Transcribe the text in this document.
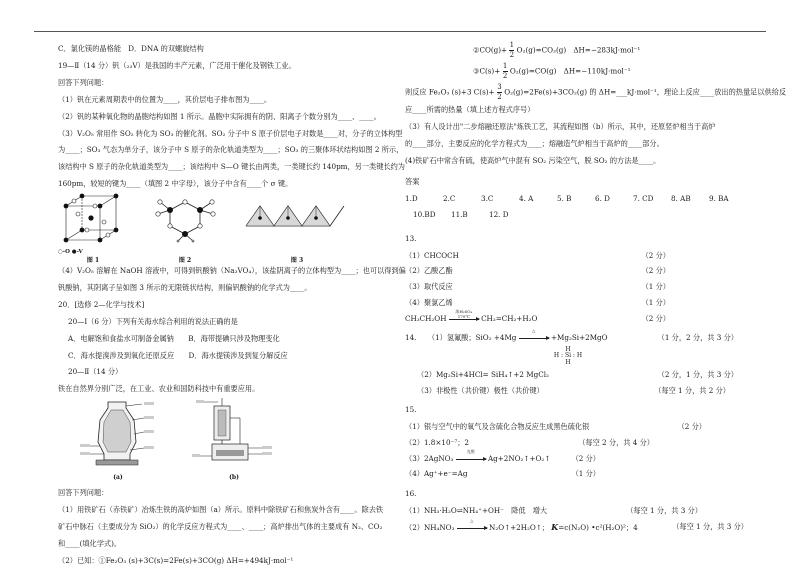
C．氯化镁的晶格能　D．DNA 的双螺旋结构
19—Ⅱ（14 分）钒（₂₃V）是我国的丰产元素，广泛用于催化及钢铁工业。
回答下列问题：
（1）钒在元素周期表中的位置为____，其价层电子排布图为____。
（2）钒的某种氧化物的晶胞结构如图 1 所示。晶胞中实际拥有的阴、阳离子个数分别为____、____。
（3）V₂O₅ 常用作 SO₂ 转化为 SO₃ 的催化剂。SO₂ 分子中 S 原子价层电子对数是____对，分子的立体构型
为____；SO₃ 气态为单分子，该分子中 S 原子的杂化轨道类型为____；SO₃ 的三聚体环状结构如图 2 所示，
该结构中 S 原子的杂化轨道类型为____；该结构中 S—O 键长由两类，一类键长约 140pm，另一类键长约为
160pm，较短的键为____（填图 2 中字母），该分子中含有____个 σ 键。
○-O ●-V
图 1	图 2	图 3
（4）V₂O₅ 溶解在 NaOH 溶液中，可得到钒酸钠（Na₃VO₄），该盐阴离子的立体构型为____；也可以得到偏
钒酸钠，其阴离子呈如图 3 所示的无限链状结构，则偏钒酸钠的化学式为____。
20．[选修 2—化学与技术]
20—Ⅰ（6 分）下列有关海水综合利用的说法正确的是
A．电解饱和食盐水可制备金属钠　　B．海带提碘只涉及物理变化
C．海水提溴涉及到氧化还原反应　　D．海水提镁涉及到复分解反应
20—Ⅱ（14 分）
铁在自然界分别广泛，在工业、农业和国防科技中有重要应用。
(a)	(b)
回答下列问题：
（1）用铁矿石（赤铁矿）冶炼生铁的高炉如图（a）所示。原料中除铁矿石和焦炭外含有____。除去铁
矿石中脉石（主要成分为 SiO₂）的化学反应方程式为____、____；高炉排出气体的主要成有 N₂、CO₂
和____(填化学式)。
（2）已知：①Fe₂O₃ (s)+3C(s)=2Fe(s)+3CO(g) ΔH=+494kJ·mol⁻¹
②CO(g)+ $\frac{1}{2} O_2(g)=CO_2(g)$　ΔH=−283kJ·mol⁻¹
③C(s)+ $\frac{1}{2} O_2(g)=CO(g)$　ΔH=−110kJ·mol⁻¹
则反应 Fe₂O₃ (s)+3 $C(s)+ \frac{3}{2} O_2(g)=2Fe(s)+3CO_2(g)$ 的 ΔH=___kJ·mol⁻¹，理论上反应____放出的热量足以供给反
应____所需的热量（填上述方程式序号）
（3）有人设计出"二步熔融还原法"炼铁工艺，其流程如图（b）所示，其中，还原竖炉相当于高炉
的____部分，主要反应的化学方程式为____；熔融造气炉相当于高炉的____部分。
(4)铁矿石中常含有硫，使高炉气中混有 SO₂ 污染空气，脱 SO₂ 的方法是____。
答案
1.D	2.C	3.C	4. A	5. B	6. D	7. CD	8. AB	9. BA
10.BD	11.B	12. D
13.
（1）CHCOCH	（2 分）
（2）乙酸乙酯	（2 分）
（3）取代反应	（1 分）
（4）聚氯乙烯	（1 分）
CH₃CH₂OH
浓H₂SO₄ 170℃	CH₂=CH₂+H₂O	（2 分）
14. （1）氢氟酸；SiO₂ +4Mg
△
+Mg₂Si+2MgO	（1 分，2 分，共 3 分）
H
H : Si : H
H
（2）Mg₂Si+4HCl= SiH₄↑+2 MgCl₂	（2 分，1 分，共 3 分）
（3）非极性（共价键）极性（共价键）	（每空 1 分，共 2 分）
15.
（1）银与空气中的氧气及含硫化合物反应生成黑色硫化银	（2 分）
（2）1.8×10⁻⁷；2	（每空 2 分，共 4 分）
（3）2AgNO₃
光照
Ag+2NO₂↑+O₂↑	（2 分）
（4）Ag⁺+e⁻=Ag	（1 分）
16.
（1）NH₃·H₂O⇌NH₄⁺+OH⁻　降低　增大	（每空 1 分，共 3 分）
（2）NH₄NO₃
△
N₂O↑+2H₂O↑； K=c(N₂O) •c²(H₂O)²；4	（每空 1 分，共 3 分）
